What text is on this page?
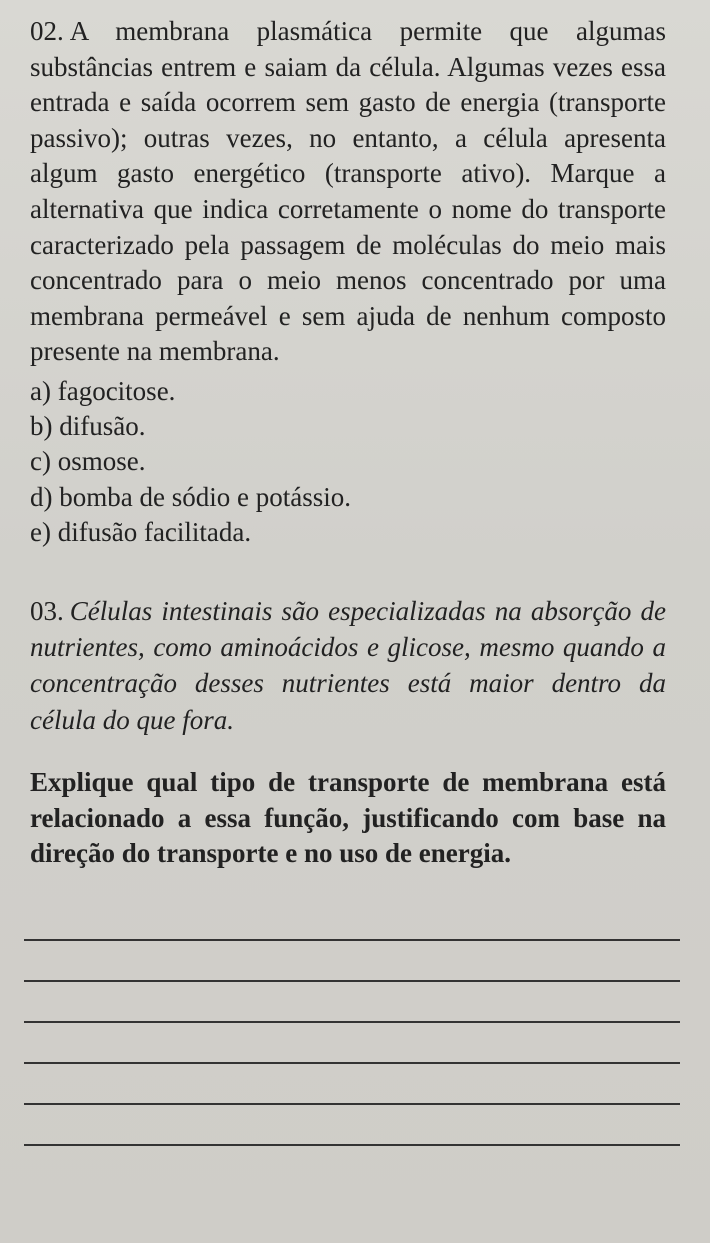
02. A membrana plasmática permite que algumas substâncias entrem e saiam da célula. Algumas vezes essa entrada e saída ocorrem sem gasto de energia (transporte passivo); outras vezes, no entanto, a célula apresenta algum gasto energético (transporte ativo). Marque a alternativa que indica corretamente o nome do transporte caracterizado pela passagem de moléculas do meio mais concentrado para o meio menos concentrado por uma membrana permeável e sem ajuda de nenhum composto presente na membrana.

a) fagocitose.
b) difusão.
c) osmose.
d) bomba de sódio e potássio.
e) difusão facilitada.

03. Células intestinais são especializadas na absorção de nutrientes, como aminoácidos e glicose, mesmo quando a concentração desses nutrientes está maior dentro da célula do que fora.

Explique qual tipo de transporte de membrana está relacionado a essa função, justificando com base na direção do transporte e no uso de energia.
